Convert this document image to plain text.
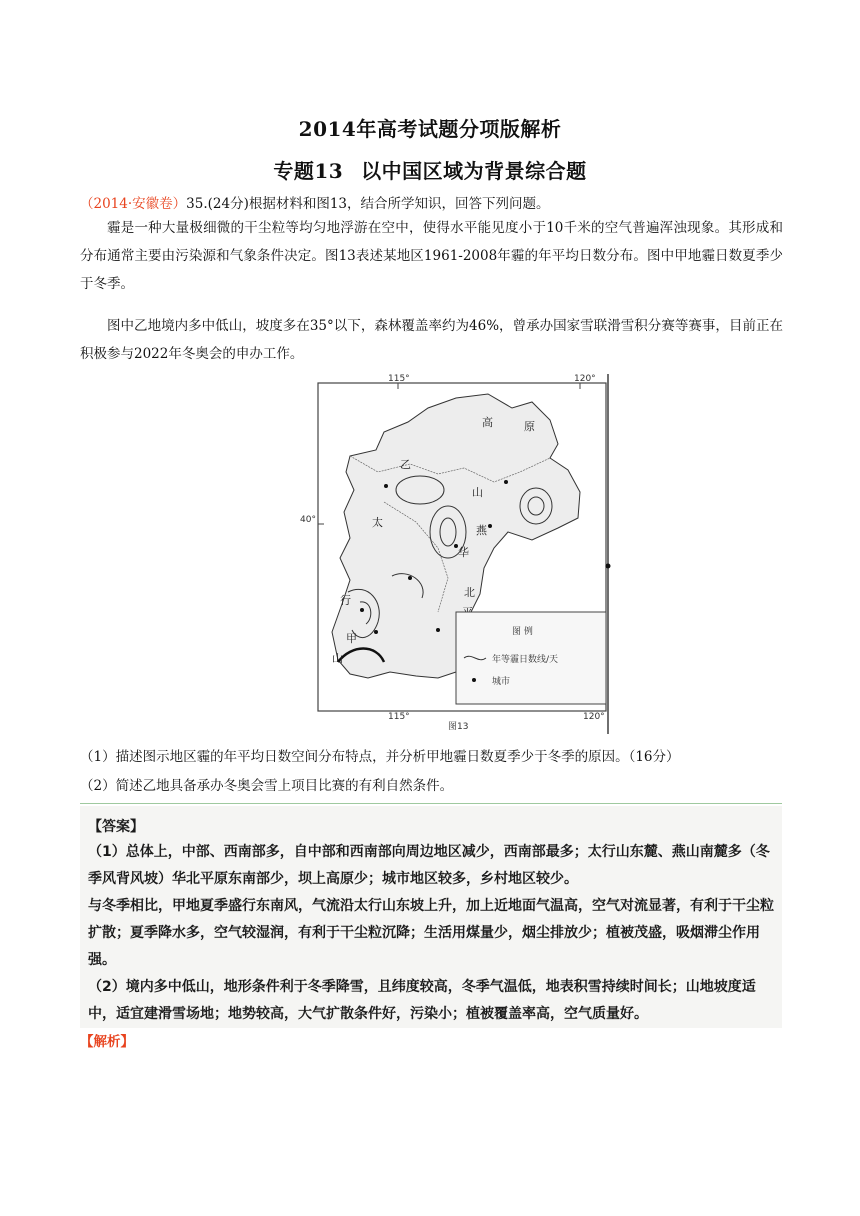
2014年高考试题分项版解析
专题13 以中国区域为背景综合题
（2014·安徽卷）35.(24分)根据材料和图13，结合所学知识，回答下列问题。
霾是一种大量极细微的干尘粒等均匀地浮游在空中，使得水平能见度小于10千米的空气普遍浑浊现象。其形成和分布通常主要由污染源和气象条件决定。图13表述某地区1961-2008年霾的年平均日数分布。图中甲地霾日数夏季少于冬季。
图中乙地境内多中低山，坡度多在35°以下，森林覆盖率约为46%，曾承办国家雪联滑雪积分赛等赛事，目前正在积极参与2022年冬奥会的申办工作。
115°	120°
115°	120°
40°
高	原
乙
山
太
燕
行
甲
山
华
北
图 例
年等霾日数线/天
城市
图13
（1）描述图示地区霾的年平均日数空间分布特点，并分析甲地霾日数夏季少于冬季的原因。（16分）
（2）简述乙地具备承办冬奥会雪上项目比赛的有利自然条件。
【答案】
（1）总体上，中部、西南部多，自中部和西南部向周边地区减少，西南部最多；太行山东麓、燕山南麓多（冬季风背风坡）华北平原东南部少，坝上高原少；城市地区较多，乡村地区较少。
与冬季相比，甲地夏季盛行东南风，气流沿太行山东坡上升，加上近地面气温高，空气对流显著，有利于干尘粒扩散；夏季降水多，空气较湿润，有利于干尘粒沉降；生活用煤量少，烟尘排放少；植被茂盛，吸烟滞尘作用强。
（2）境内多中低山，地形条件利于冬季降雪，且纬度较高，冬季气温低，地表积雪持续时间长；山地坡度适中，适宜建滑雪场地；地势较高，大气扩散条件好，污染小；植被覆盖率高，空气质量好。
【解析】
